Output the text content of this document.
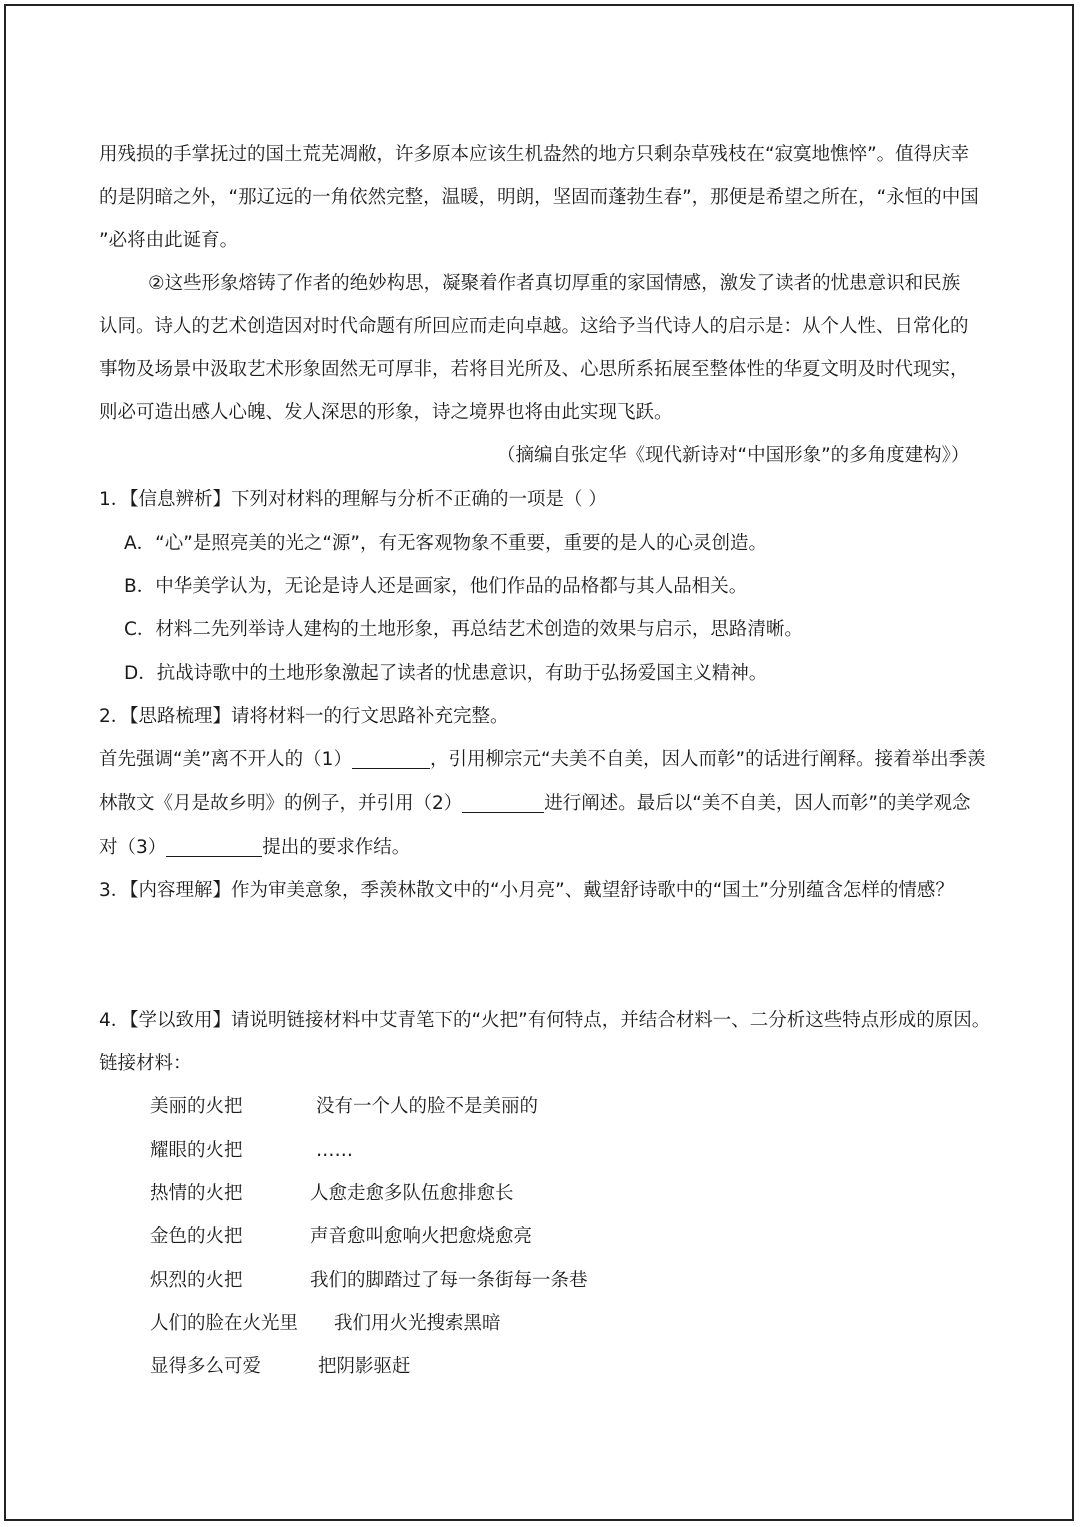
用残损的手掌抚过的国土荒芜凋敝，许多原本应该生机盎然的地方只剩杂草残枝在“寂寞地憔悴”。值得庆幸
的是阴暗之外，“那辽远的一角依然完整，温暖，明朗，坚固而蓬勃生春”，那便是希望之所在，“永恒的中国
”必将由此诞育。
②这些形象熔铸了作者的绝妙构思，凝聚着作者真切厚重的家国情感，激发了读者的忧患意识和民族
认同。诗人的艺术创造因对时代命题有所回应而走向卓越。这给予当代诗人的启示是：从个人性、日常化的
事物及场景中汲取艺术形象固然无可厚非，若将目光所及、心思所系拓展至整体性的华夏文明及时代现实，
则必可造出感人心魄、发人深思的形象，诗之境界也将由此实现飞跃。
（摘编自张定华《现代新诗对“中国形象”的多角度建构》）
1．【信息辨析】下列对材料的理解与分析不正确的一项是（ ）
A．“心”是照亮美的光之“源”，有无客观物象不重要，重要的是人的心灵创造。
B．中华美学认为，无论是诗人还是画家，他们作品的品格都与其人品相关。
C．材料二先列举诗人建构的土地形象，再总结艺术创造的效果与启示，思路清晰。
D．抗战诗歌中的土地形象激起了读者的忧患意识，有助于弘扬爱国主义精神。
2．【思路梳理】请将材料一的行文思路补充完整。
首先强调“美”离不开人的（1）	，引用柳宗元“夫美不自美，因人而彰”的话进行阐释。接着举出季羡
林散文《月是故乡明》的例子，并引用（2）	进行阐述。最后以“美不自美，因人而彰”的美学观念
对（3）	提出的要求作结。
3．【内容理解】作为审美意象，季羡林散文中的“小月亮”、戴望舒诗歌中的“国土”分别蕴含怎样的情感？
4．【学以致用】请说明链接材料中艾青笔下的“火把”有何特点，并结合材料一、二分析这些特点形成的原因。
链接材料：
美丽的火把	没有一个人的脸不是美丽的
耀眼的火把	……
热情的火把	人愈走愈多队伍愈排愈长
金色的火把	声音愈叫愈响火把愈烧愈亮
炽烈的火把	我们的脚踏过了每一条街每一条巷
人们的脸在火光里 我们用火光搜索黑暗
显得多么可爱	把阴影驱赶
